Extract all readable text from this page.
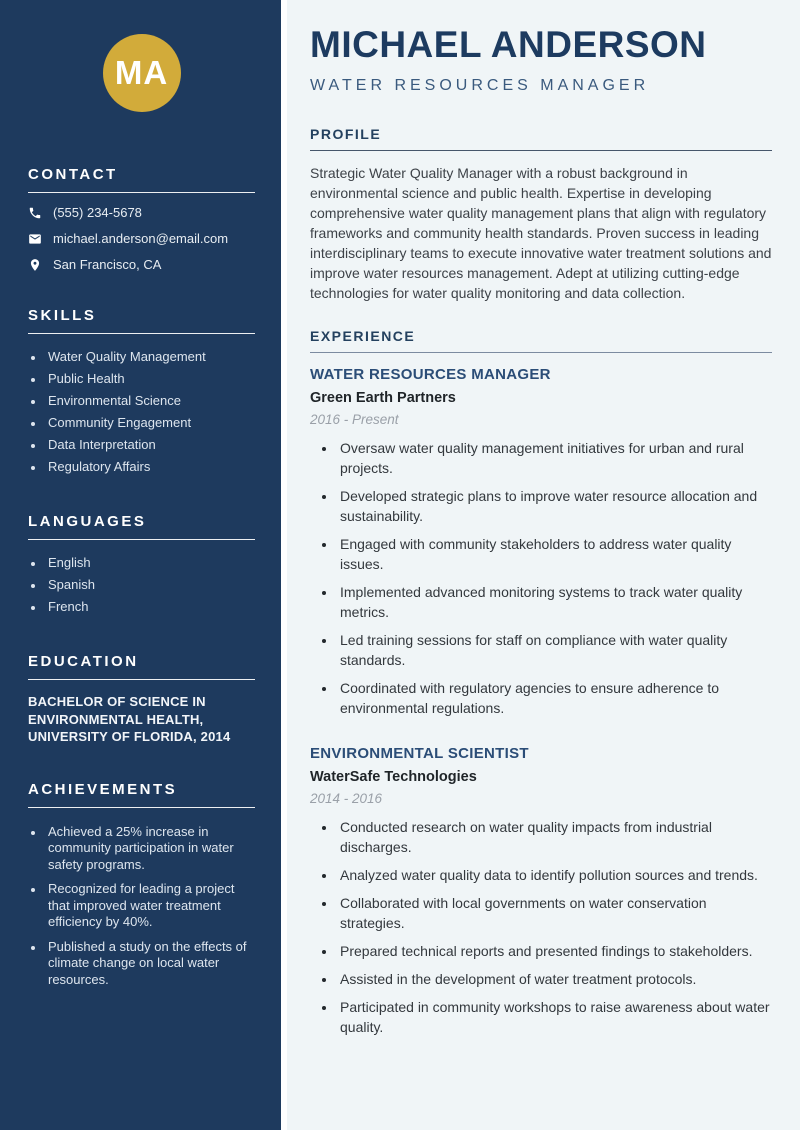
MA
CONTACT
(555) 234-5678
michael.anderson@email.com
San Francisco, CA
SKILLS
• Water Quality Management
• Public Health
• Environmental Science
• Community Engagement
• Data Interpretation
• Regulatory Affairs
LANGUAGES
• English
• Spanish
• French
EDUCATION
BACHELOR OF SCIENCE IN ENVIRONMENTAL HEALTH, UNIVERSITY OF FLORIDA, 2014
ACHIEVEMENTS
• Achieved a 25% increase in community participation in water safety programs.
• Recognized for leading a project that improved water treatment efficiency by 40%.
• Published a study on the effects of climate change on local water resources.
MICHAEL ANDERSON
WATER RESOURCES MANAGER
PROFILE

Strategic Water Quality Manager with a robust background in environmental science and public health. Expertise in developing comprehensive water quality management plans that align with regulatory frameworks and community health standards. Proven success in leading interdisciplinary teams to execute innovative water treatment solutions and improve water resources management. Adept at utilizing cutting-edge technologies for water quality monitoring and data collection.

EXPERIENCE
WATER RESOURCES MANAGER
Green Earth Partners
2016 - Present
• Oversaw water quality management initiatives for urban and rural projects.
• Developed strategic plans to improve water resource allocation and sustainability.
• Engaged with community stakeholders to address water quality issues.
• Implemented advanced monitoring systems to track water quality metrics.
• Led training sessions for staff on compliance with water quality standards.
• Coordinated with regulatory agencies to ensure adherence to environmental regulations.
ENVIRONMENTAL SCIENTIST
WaterSafe Technologies
2014 - 2016
• Conducted research on water quality impacts from industrial discharges.
• Analyzed water quality data to identify pollution sources and trends.
• Collaborated with local governments on water conservation strategies.
• Prepared technical reports and presented findings to stakeholders.
• Assisted in the development of water treatment protocols.
• Participated in community workshops to raise awareness about water quality.
